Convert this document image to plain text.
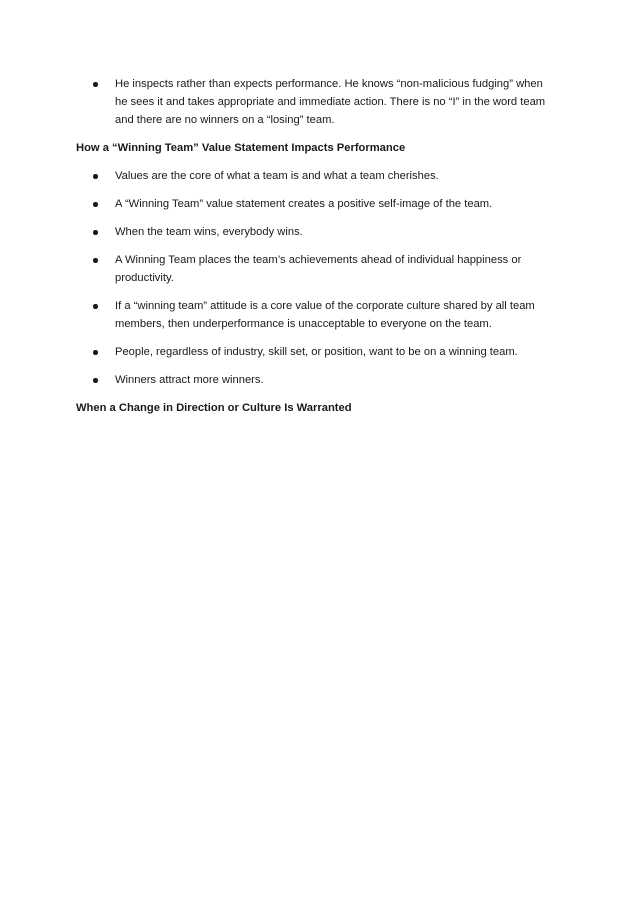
He inspects rather than expects performance. He knows “non-malicious fudging” when he sees it and takes appropriate and immediate action. There is no “I” in the word team and there are no winners on a “losing” team.
How a “Winning Team” Value Statement Impacts Performance
Values are the core of what a team is and what a team cherishes.
A “Winning Team” value statement creates a positive self-image of the team.
When the team wins, everybody wins.
A Winning Team places the team’s achievements ahead of individual happiness or productivity.
If a “winning team” attitude is a core value of the corporate culture shared by all team members, then underperformance is unacceptable to everyone on the team.
People, regardless of industry, skill set, or position, want to be on a winning team.
Winners attract more winners.
When a Change in Direction or Culture Is Warranted
